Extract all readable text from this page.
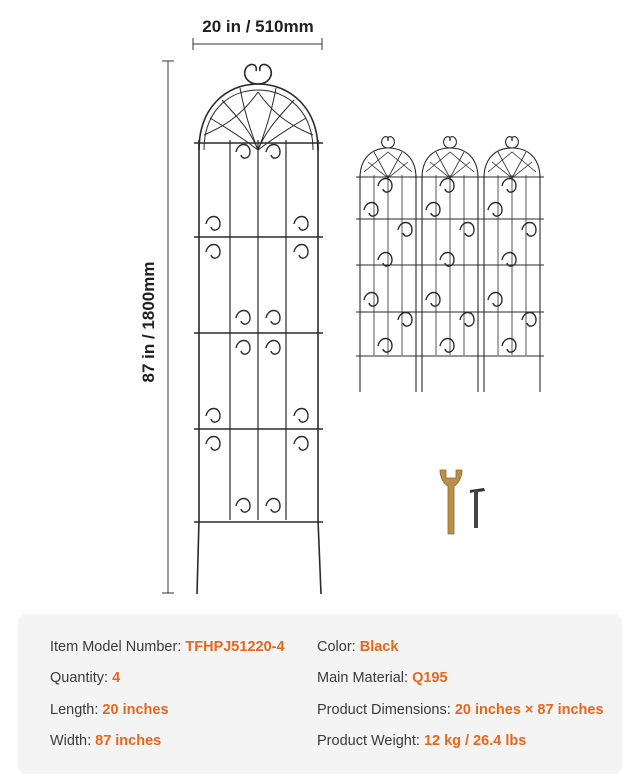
20 in / 510mm
87 in / 1800mm
Item Model Number: TFHPJ51220-4 Color: Black
Quantity: 4	Main Material: Q195
Length: 20 inches	Product Dimensions: 20 inches × 87 inches
Width: 87 inches	Product Weight: 12 kg / 26.4 lbs
